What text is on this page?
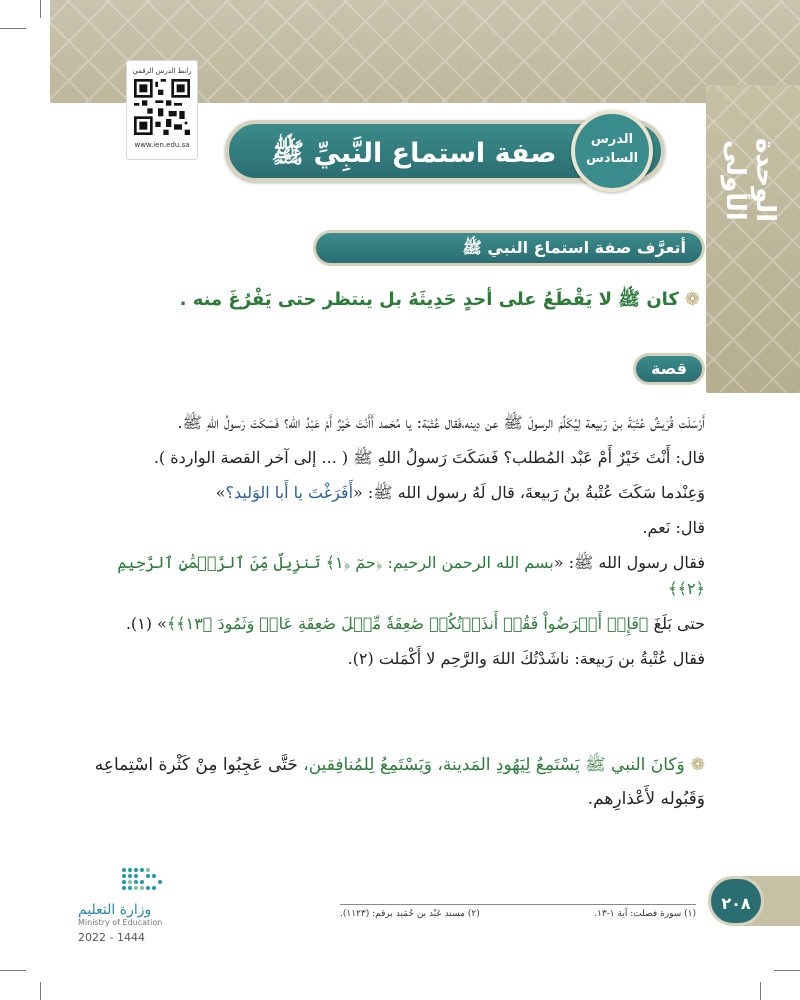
الوحدة الأولى
رابط الدرس الرقمي
www.ien.edu.sa	صفة استماع النَّبِيِّ ﷺ	الدرس
السادس
أتعرَّف صفة استماع النبي ﷺ
❁كان ﷺ لا يَقْطَعُ على أحدٍ حَدِيثَهُ بل ينتظر حتى يَفْرُغَ منه .
قصة

أَرْسَلَت قُرَيشٌ عُتْبَةَ بنَ رَبيعة لِيُكَلِّمَ الرسولَ ﷺ عن دِينه،فَقال عُتْبَة: يا مُحَمد أَأَنْتَ خَيْرٌ أَمْ عَبْدُ الله؟ فَسَكَتَ رَسولُ اللهِ ﷺ.

قال: أَنْتَ خَيْرٌ أَمْ عَبْد المُطلب؟ فَسَكَتَ رَسولُ اللهِ ﷺ ( ... إلى آخر القصة الواردة ).

وَعِنْدما سَكَتَ عُتْبةُ بنُ رَبيعةَ، قال لَهُ رسول الله ﷺ: «أَفَرَغْتَ يا أَبا الوَليد؟»

قال: نَعم.

فقال رسول الله ﷺ: «بسم الله الرحمن الرحيم: ﴿حمٓ ﴿١﴾ تَنزِيلٌ مِّنَ ٱلرَّحۡمَٰنِ ٱلرَّحِيمِ ﴿٢﴾﴾

حتى بَلَغَ ﴿فَإِنۡ أَعۡرَضُواْ فَقُلۡ أَنذَرۡتُكُمۡ صَٰعِقَةٗ مِّثۡلَ صَٰعِقَةِ عَادٖ وَثَمُودَ ﴿١٣﴾﴾» (١).

فقال عُتْبةُ بن رَبيعة: ناشَدْتُكَ اللهَ والرَّحِم لا أَكْمَلت (٢).

❁وَكانَ النبي ﷺ يَسْتَمِعُ لِيَهُودِ المَدينة، وَيَسْتَمِعُ لِلمُنافِقين، حَتَّى عَجِبُوا مِنْ كَثْرة اسْتِماعِه وَقَبُوله لأَعْذارِهم.
٢٠٨
(١) سورة فصلت: آية ١-١٣.
(٢) مسند عَبْد بن حُمَيد برقم: (١١٢٣).
وزارة التعليم
Ministry of Education
2022 - 1444
